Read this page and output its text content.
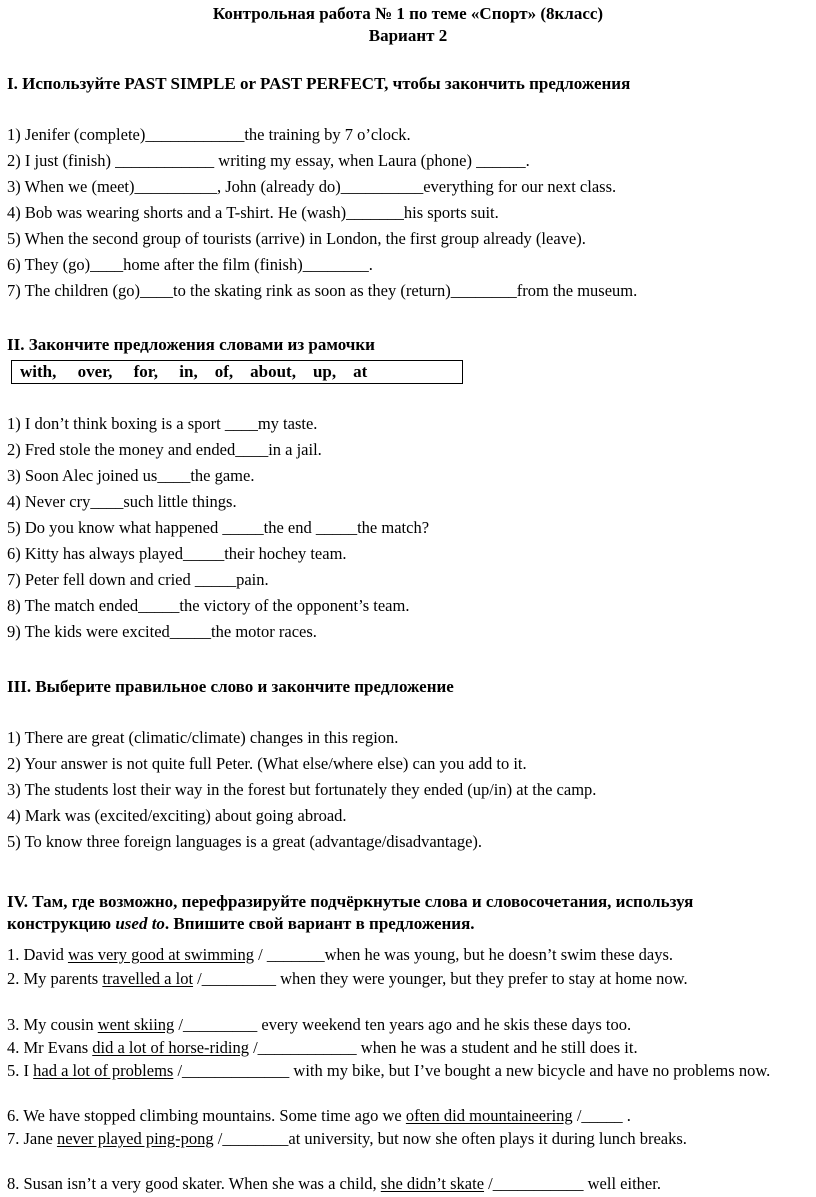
Контрольная работа № 1 по теме «Спорт» (8класс)
Вариант 2
I. Используйте PAST SIMPLE or PAST PERFECT, чтобы закончить предложения
1) Jenifer (complete)____________the training by 7 o’clock.
2) I just (finish) ____________ writing my essay, when Laura (phone) ______.
3) When we (meet)__________, John (already do)__________everything for our next class.
4) Bob was wearing shorts and a T-shirt. He (wash)_______his sports suit.
5) When the second group of tourists (arrive) in London, the first group already (leave).
6) They (go)____home after the film (finish)________.
7) The children (go)____to the skating rink as soon as they (return)________from the museum.
II. Закончите предложения словами из рамочки
with,     over,     for,     in,    of,    about,    up,    at
1) I don’t think boxing is a sport ____my taste.
2) Fred stole the money and ended____in a jail.
3) Soon Alec joined us____the game.
4) Never cry____such little things.
5) Do you know what happened _____the end _____the match?
6) Kitty has always played_____their hochey team.
7) Peter fell down and cried _____pain.
8) The match ended_____the victory of the opponent’s team.
9) The kids were excited_____the motor races.
III. Выберите правильное слово и закончите предложение
1) There are great (climatic/climate) changes in this region.
2) Your answer is not quite full Peter. (What else/where else) can you add to it.
3) The students lost their way in the forest but fortunately they ended (up/in) at the camp.
4) Mark was (excited/exciting) about going abroad.
5) To know three foreign languages is a great (advantage/disadvantage).
IV. Там, где возможно, перефразируйте подчёркнутые слова и словосочетания, используя
конструкцию used to. Впишите свой вариант в предложения.
1. David was very good at swimming / _______when he was young, but he doesn’t swim these days.
2. My parents travelled a lot /_________ when they were younger, but they prefer to stay at home now.
3. My cousin went skiing /_________ every weekend ten years ago and he skis these days too.
4. Mr Evans did a lot of horse-riding /____________ when he was a student and he still does it.
5. I had a lot of problems /_____________ with my bike, but I’ve bought a new bicycle and have no problems now.
6. We have stopped climbing mountains. Some time ago we often did mountaineering /_____ .
7. Jane never played ping-pong /________at university, but now she often plays it during lunch breaks.
8. Susan isn’t a very good skater. When she was a child, she didn’t skate /___________ well either.
